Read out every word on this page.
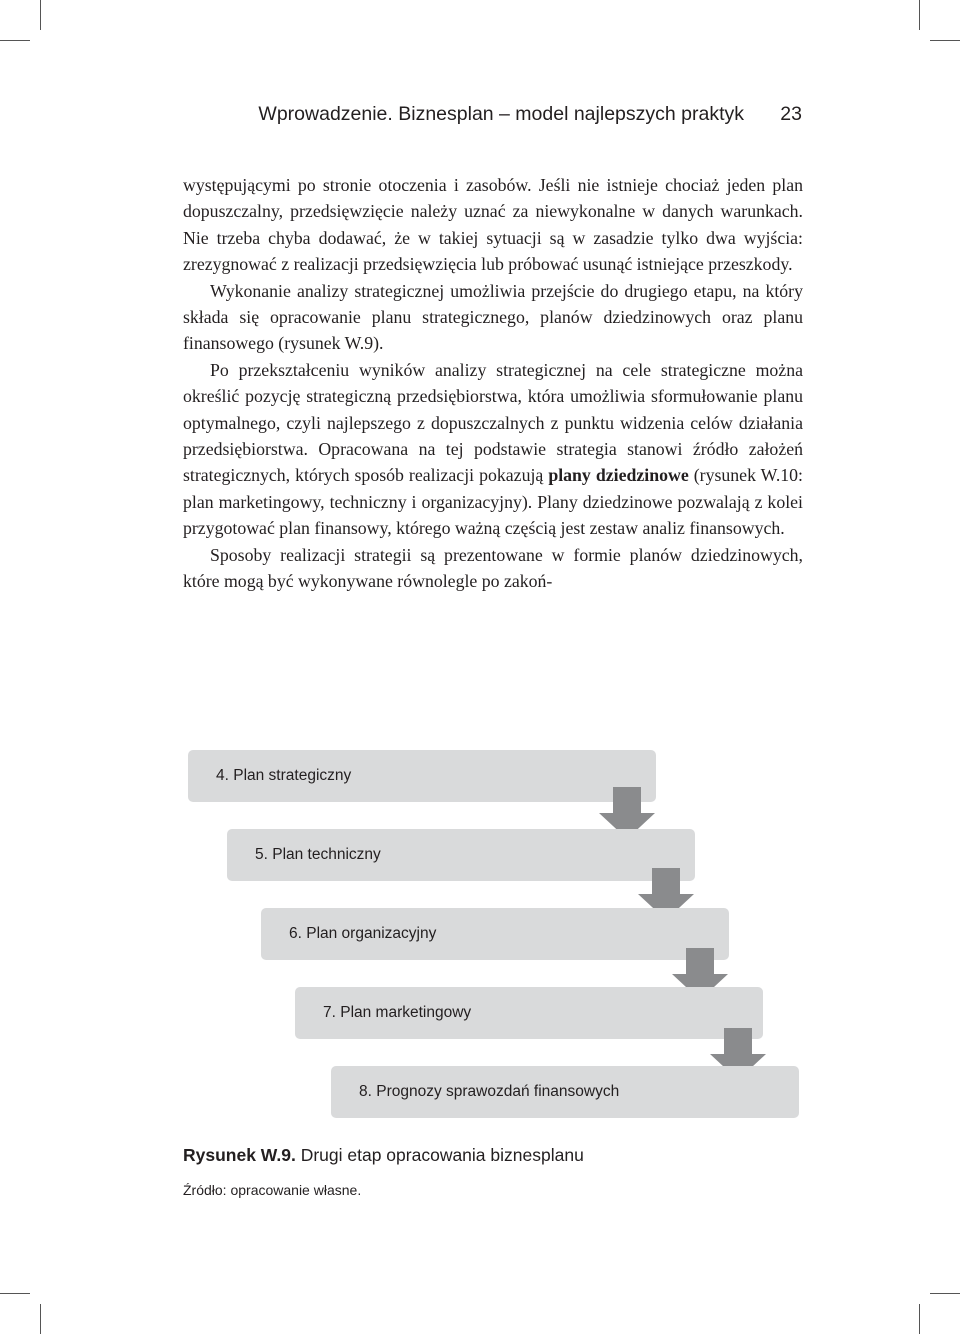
Wprowadzenie. Biznesplan – model najlepszych praktyk 23

występującymi po stronie otoczenia i zasobów. Jeśli nie istnieje chociaż jeden plan dopuszczalny, przedsięwzięcie należy uznać za niewykonalne w danych warunkach. Nie trzeba chyba dodawać, że w takiej sytuacji są w zasadzie tylko dwa wyjścia: zrezygnować z realizacji przedsięwzięcia lub próbować usunąć istniejące przeszkody.

Wykonanie analizy strategicznej umożliwia przejście do drugiego etapu, na który składa się opracowanie planu strategicznego, planów dziedzinowych oraz planu finansowego (rysunek W.9).

Po przekształceniu wyników analizy strategicznej na cele strategiczne można określić pozycję strategiczną przedsiębiorstwa, która umożliwia sformułowanie planu optymalnego, czyli najlepszego z dopuszczalnych z punktu widzenia celów działania przedsiębiorstwa. Opracowana na tej podstawie strategia stanowi źródło założeń strategicznych, których sposób realizacji pokazują plany dziedzinowe (rysunek W.10: plan marketingowy, techniczny i organizacyjny). Plany dziedzinowe pozwalają z kolei przygotować plan finansowy, którego ważną częścią jest zestaw analiz finansowych.

Sposoby realizacji strategii są prezentowane w formie planów dziedzinowych, które mogą być wykonywane równolegle po zakoń-

4. Plan strategiczny
5. Plan techniczny
6. Plan organizacyjny
7. Plan marketingowy
8. Prognozy sprawozdań finansowych
Rysunek W.9. Drugi etap opracowania biznesplanu
Źródło: opracowanie własne.
